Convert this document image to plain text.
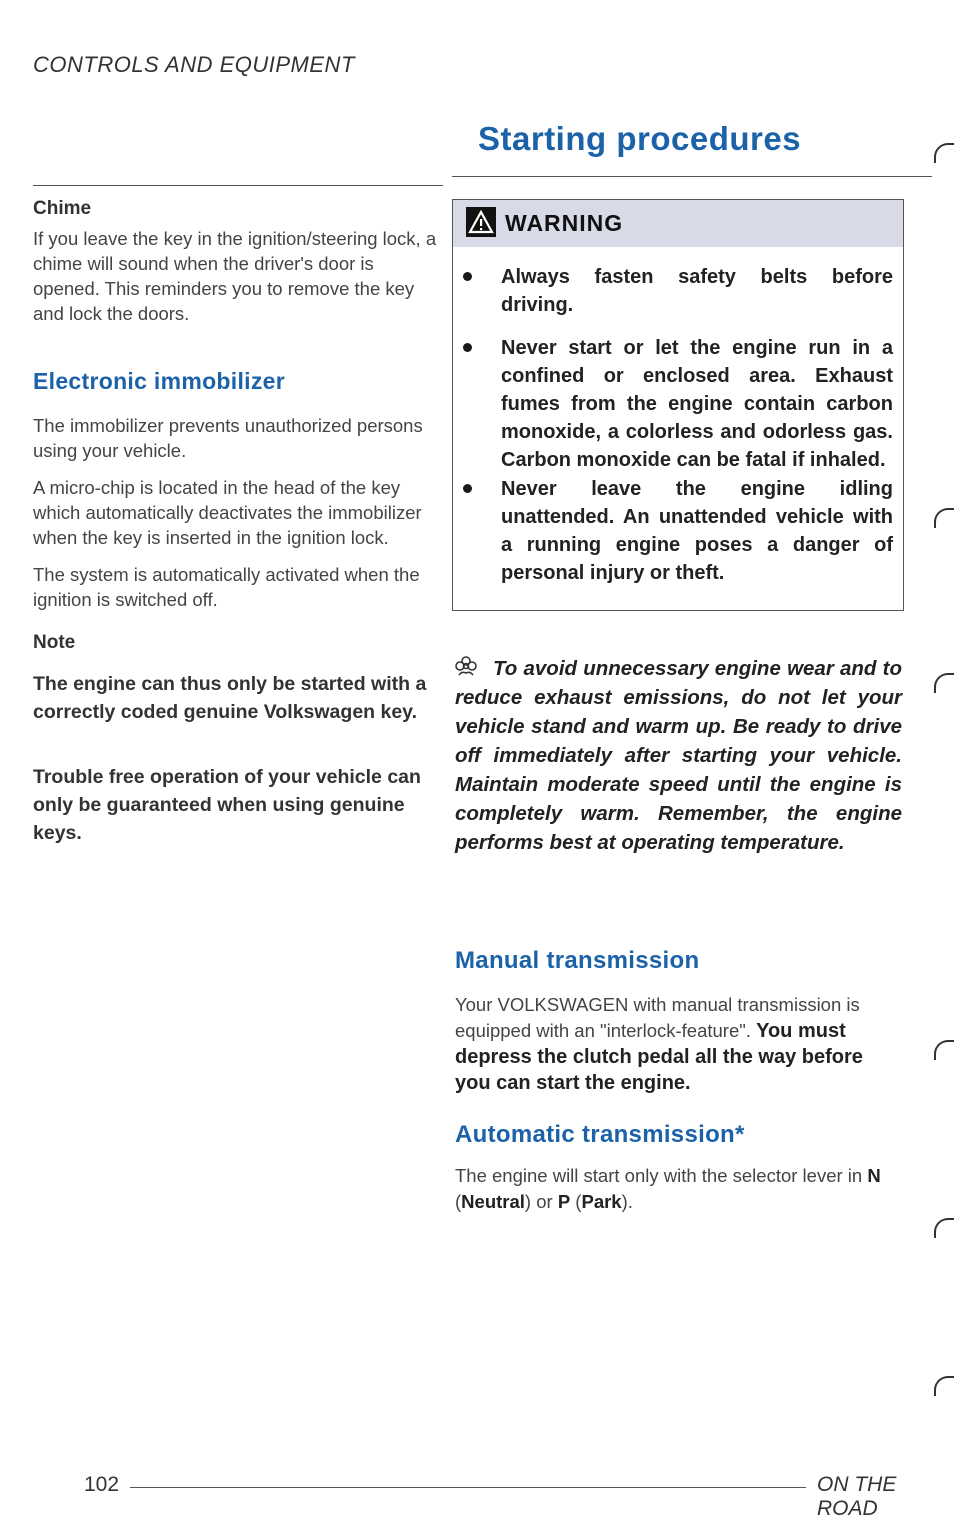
CONTROLS AND EQUIPMENT
Chime

If you leave the key in the ignition/steering lock, a chime will sound when the driver's door is opened. This reminders you to remove the key and lock the doors.

Electronic immobilizer

The immobilizer prevents unauthorized persons using your vehicle.

A micro-chip is located in the head of the key which automatically deactivates the immobilizer when the key is inserted in the ignition lock.

The system is automatically activated when the ignition is switched off.

Note

The engine can thus only be started with a correctly coded genuine Volkswagen key.

Trouble free operation of your vehicle can only be guaranteed when using genuine keys.

Starting procedures
WARNING

Always fasten safety belts before driving.

Never start or let the engine run in a confined or enclosed area. Exhaust fumes from the engine contain carbon monoxide, a colorless and odorless gas. Carbon monoxide can be fatal if inhaled.

Never leave the engine idling unattended. An unattended vehicle with a running engine poses a danger of personal injury or theft.

To avoid unnecessary engine wear and to reduce exhaust emissions, do not let your vehicle stand and warm up. Be ready to drive off immediately after starting your vehicle. Maintain moderate speed until the engine is completely warm. Remember, the engine performs best at operating temperature.

Manual transmission

Your VOLKSWAGEN with manual transmission is equipped with an "interlock-feature". You must depress the clutch pedal all the way before you can start the engine.

Automatic transmission*

The engine will start only with the selector lever in N (Neutral) or P (Park).

102	ON THE ROAD
